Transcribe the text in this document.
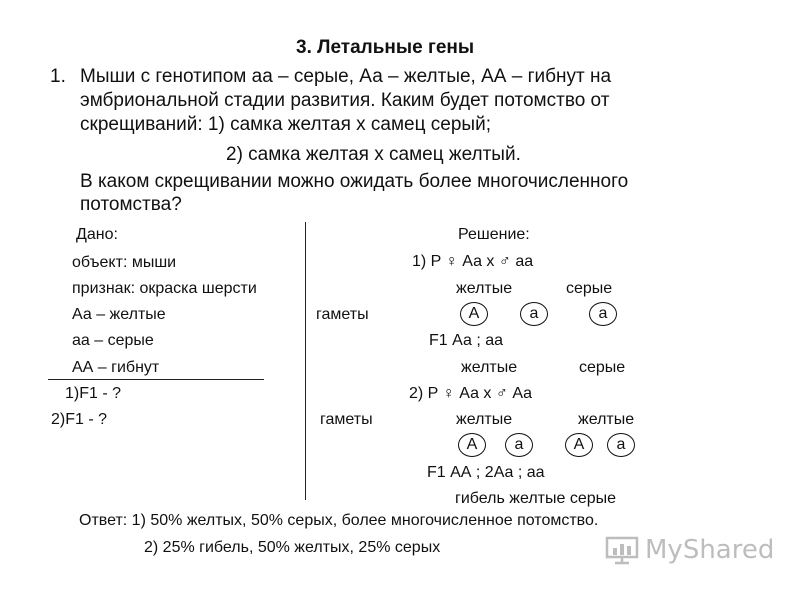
3. Летальные гены
1. Мыши с генотипом аа – серые, Аа – желтые, АА – гибнут на
эмбриональной стадии развития. Каким будет потомство от
скрещиваний: 1) самка желтая х самец серый;
2) самка желтая х самец желтый.
В каком скрещивании можно ожидать более многочисленного
потомства?
Дано:
объект: мыши
признак: окраска шерсти
Аа – желтые
аа – серые
АА – гибнут
1)F1 - ?
2)F1 - ?
Решение:
1) Р ♀ Аа х ♂ аа
желтые	серые
гаметы	А	а	а
F1 Аа ; аа
желтые	серые
2) Р ♀ Аа х ♂ Аа
гаметы	желтые	желтые
А	а	А	а
F1 АА ; 2Аа ; аа
гибель желтые серые
Ответ: 1) 50% желтых, 50% серых, более многочисленное потомство.
2) 25% гибель, 50% желтых, 25% серых	MyShared
